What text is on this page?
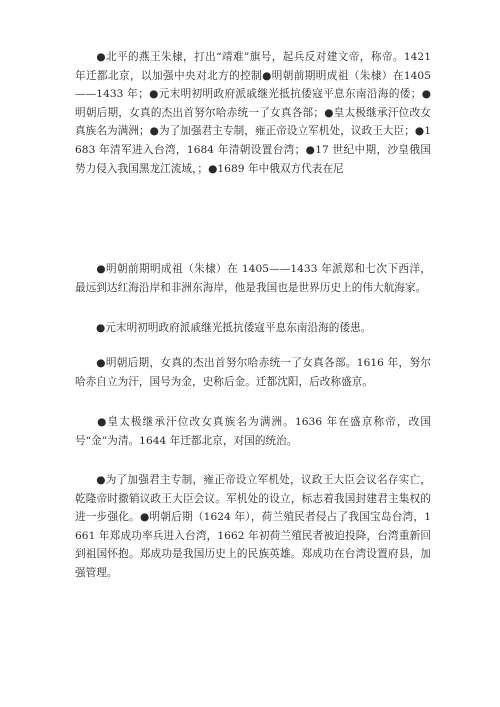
●北平的燕王朱棣，打出“靖难”旗号，起兵反对建文帝，称帝。1421 年迁都北京，以加强中央对北方的控制●明朝前期明成祖（朱棣）在1405——1433 年；●元末明初明政府派戚继光抵抗倭寇平息东南沿海的倭；●明朝后期，女真的杰出首努尔哈赤统一了女真各部；●皇太极继承汗位改女真族名为满洲；●为了加强君主专制，雍正帝设立军机处，议政王大臣；●1683 年清军进入台湾，1684 年清朝设置台湾；●17 世纪中期，沙皇俄国势力侵入我国黑龙江流域，；●1689 年中俄双方代表在尼

●明朝前期明成祖（朱棣）在 1405——1433 年派郑和七次下西洋，最远到达红海沿岸和非洲东海岸，他是我国也是世界历史上的伟大航海家。

●元末明初明政府派戚继光抵抗倭寇平息东南沿海的倭患。

●明朝后期，女真的杰出首努尔哈赤统一了女真各部。1616 年，努尔哈赤自立为汗，国号为金，史称后金。迁都沈阳，后改称盛京。

●皇太极继承汗位改女真族名为满洲。1636 年在盛京称帝，改国号“金”为清。1644 年迁都北京，对国的统治。

●为了加强君主专制，雍正帝设立军机处，议政王大臣会议名存实亡，乾隆帝时撤销议政王大臣会议。军机处的设立，标志着我国封建君主集权的进一步强化。●明朝后期（1624 年），荷兰殖民者侵占了我国宝岛台湾，1661 年郑成功率兵进入台湾，1662 年初荷兰殖民者被迫投降，台湾重新回到祖国怀抱。郑成功是我国历史上的民族英雄。郑成功在台湾设置府县，加强管理。
